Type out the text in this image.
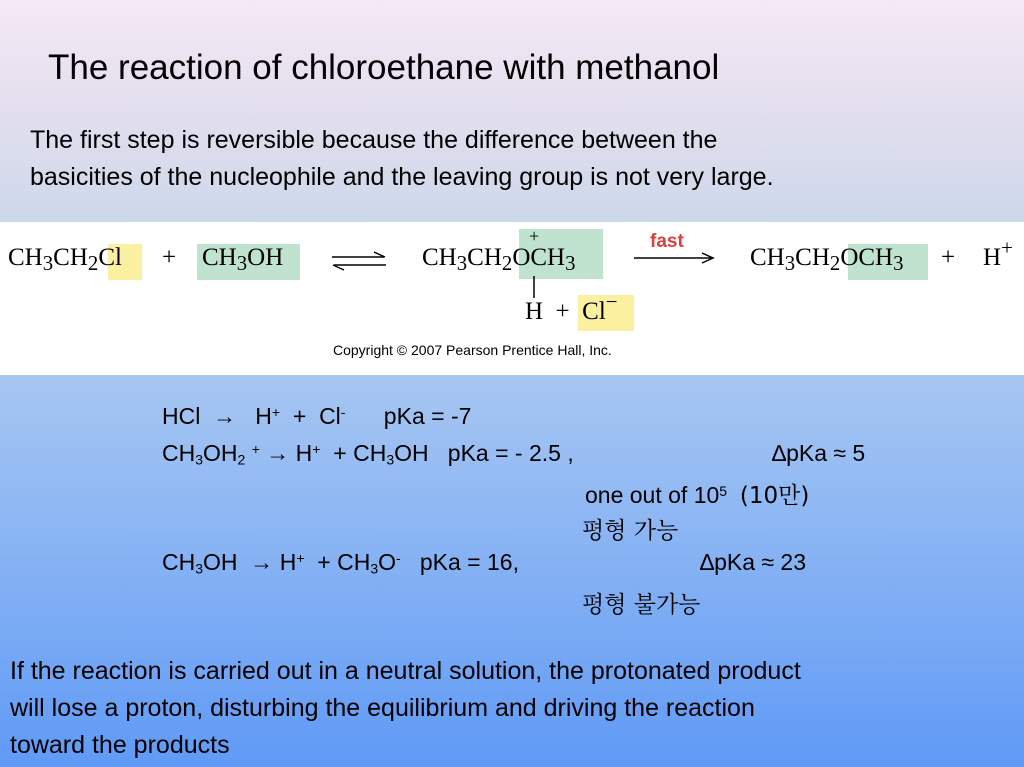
The reaction of chloroethane with methanol
The first step is reversible because the difference between the
basicities of the nucleophile and the leaving group is not very large.
$CH_3CH_2Cl + CH_3OH$	$CH_3CH_2OCH_3$
+
H  +  Cl−
fast
$CH_3CH_2OCH_3 + H^+$
Copyright © 2007 Pearson Prentice Hall, Inc.
HCl  →   H+  +  Cl-      pKa = -7
$CH_3OH_2$ $^+ \to H^+ + CH_3OH$   pKa = - 2.5 ,	∆pKa ≈ 5
one out of $10^5$ (10만)
평형 가능
$CH_3OH \to H^+ + CH_3O^-$ pKa = 16,	∆pKa ≈ 23
평형 불가능
If the reaction is carried out in a neutral solution, the protonated product
will lose a proton, disturbing the equilibrium and driving the reaction
toward the products
